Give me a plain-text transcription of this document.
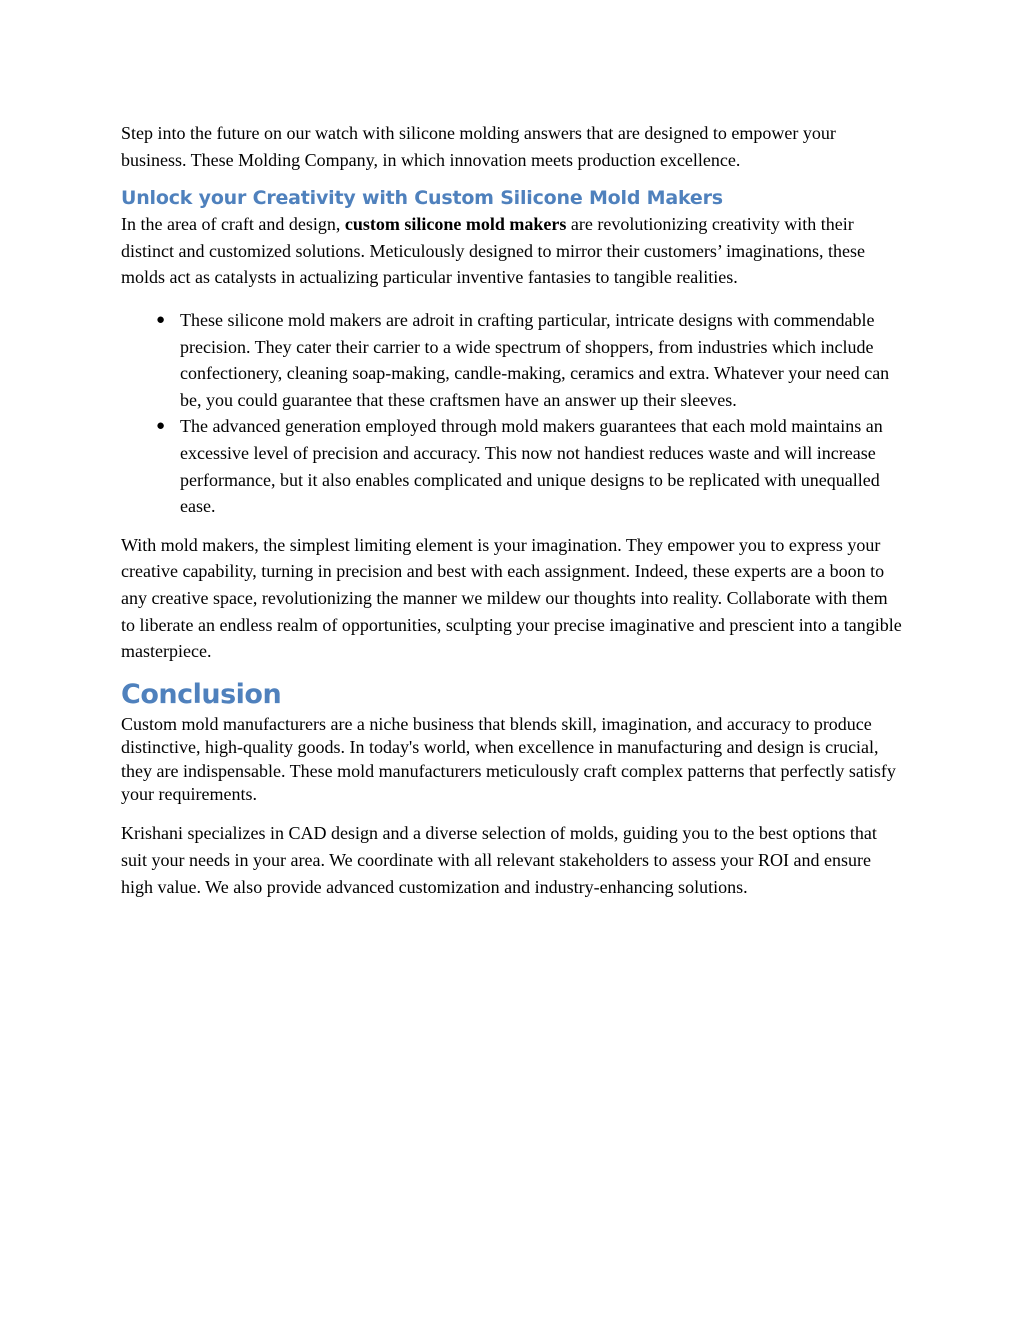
Step into the future on our watch with silicone molding answers that are designed to empower your business. These Molding Company, in which innovation meets production excellence.

Unlock your Creativity with Custom Silicone Mold Makers

In the area of craft and design, custom silicone mold makers are revolutionizing creativity with their distinct and customized solutions. Meticulously designed to mirror their customers’ imaginations, these molds act as catalysts in actualizing particular inventive fantasies to tangible realities.

● These silicone mold makers are adroit in crafting particular, intricate designs with commendable precision. They cater their carrier to a wide spectrum of shoppers, from industries which include confectionery, cleaning soap-making, candle-making, ceramics and extra. Whatever your need can be, you could guarantee that these craftsmen have an answer up their sleeves.
● The advanced generation employed through mold makers guarantees that each mold maintains an excessive level of precision and accuracy. This now not handiest reduces waste and will increase performance, but it also enables complicated and unique designs to be replicated with unequalled ease.

With mold makers, the simplest limiting element is your imagination. They empower you to express your creative capability, turning in precision and best with each assignment. Indeed, these experts are a boon to any creative space, revolutionizing the manner we mildew our thoughts into reality. Collaborate with them to liberate an endless realm of opportunities, sculpting your precise imaginative and prescient into a tangible masterpiece.

Conclusion

Custom mold manufacturers are a niche business that blends skill, imagination, and accuracy to produce distinctive, high-quality goods. In today's world, when excellence in manufacturing and design is crucial, they are indispensable. These mold manufacturers meticulously craft complex patterns that perfectly satisfy your requirements.

Krishani specializes in CAD design and a diverse selection of molds, guiding you to the best options that suit your needs in your area. We coordinate with all relevant stakeholders to assess your ROI and ensure high value. We also provide advanced customization and industry-enhancing solutions.
